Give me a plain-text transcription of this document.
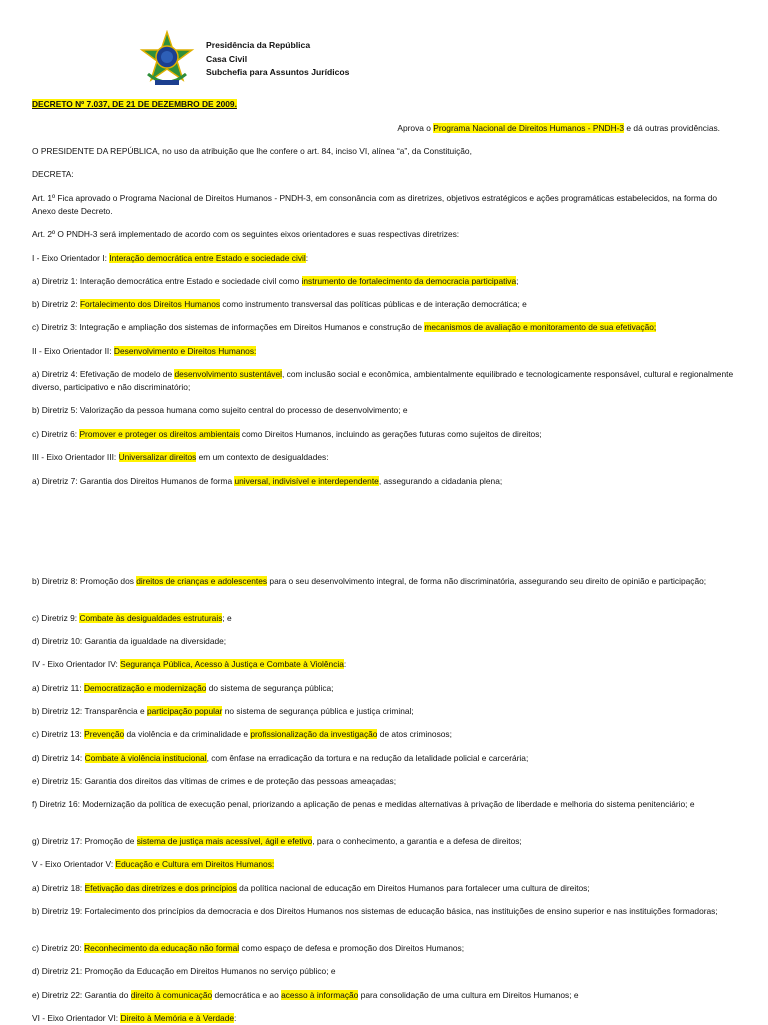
Presidência da República
Casa Civil
Subchefia para Assuntos Jurídicos
DECRETO Nº 7.037, DE 21 DE DEZEMBRO DE 2009.
Aprova o Programa Nacional de Direitos Humanos - PNDH-3 e dá outras providências.
O PRESIDENTE DA REPÚBLICA, no uso da atribuição que lhe confere o art. 84, inciso VI, alínea “a”, da Constituição,
DECRETA:
Art. 1º Fica aprovado o Programa Nacional de Direitos Humanos - PNDH-3, em consonância com as diretrizes, objetivos estratégicos e ações programáticas estabelecidos, na forma do Anexo deste Decreto.
Art. 2º O PNDH-3 será implementado de acordo com os seguintes eixos orientadores e suas respectivas diretrizes:
I - Eixo Orientador I: Interação democrática entre Estado e sociedade civil:
a) Diretriz 1: Interação democrática entre Estado e sociedade civil como instrumento de fortalecimento da democracia participativa;
b) Diretriz 2: Fortalecimento dos Direitos Humanos como instrumento transversal das políticas públicas e de interação democrática; e
c) Diretriz 3: Integração e ampliação dos sistemas de informações em Direitos Humanos e construção de mecanismos de avaliação e monitoramento de sua efetivação;
II - Eixo Orientador II: Desenvolvimento e Direitos Humanos:
a) Diretriz 4: Efetivação de modelo de desenvolvimento sustentável, com inclusão social e econômica, ambientalmente equilibrado e tecnologicamente responsável, cultural e regionalmente diverso, participativo e não discriminatório;
b) Diretriz 5: Valorização da pessoa humana como sujeito central do processo de desenvolvimento; e
c) Diretriz 6: Promover e proteger os direitos ambientais como Direitos Humanos, incluindo as gerações futuras como sujeitos de direitos;
III - Eixo Orientador III: Universalizar direitos em um contexto de desigualdades:
a) Diretriz 7: Garantia dos Direitos Humanos de forma universal, indivisível e interdependente, assegurando a cidadania plena;
b) Diretriz 8: Promoção dos direitos de crianças e adolescentes para o seu desenvolvimento integral, de forma não discriminatória, assegurando seu direito de opinião e participação;
c) Diretriz 9: Combate às desigualdades estruturais; e
d) Diretriz 10: Garantia da igualdade na diversidade;
IV - Eixo Orientador IV: Segurança Pública, Acesso à Justiça e Combate à Violência:
a) Diretriz 11: Democratização e modernização do sistema de segurança pública;
b) Diretriz 12: Transparência e participação popular no sistema de segurança pública e justiça criminal;
c) Diretriz 13: Prevenção da violência e da criminalidade e profissionalização da investigação de atos criminosos;
d) Diretriz 14: Combate à violência institucional, com ênfase na erradicação da tortura e na redução da letalidade policial e carcerária;
e) Diretriz 15: Garantia dos direitos das vítimas de crimes e de proteção das pessoas ameaçadas;
f) Diretriz 16: Modernização da política de execução penal, priorizando a aplicação de penas e medidas alternativas à privação de liberdade e melhoria do sistema penitenciário; e
g) Diretriz 17: Promoção de sistema de justiça mais acessível, ágil e efetivo, para o conhecimento, a garantia e a defesa de direitos;
V - Eixo Orientador V: Educação e Cultura em Direitos Humanos:
a) Diretriz 18: Efetivação das diretrizes e dos princípios da política nacional de educação em Direitos Humanos para fortalecer uma cultura de direitos;
b) Diretriz 19: Fortalecimento dos princípios da democracia e dos Direitos Humanos nos sistemas de educação básica, nas instituições de ensino superior e nas instituições formadoras;
c) Diretriz 20: Reconhecimento da educação não formal como espaço de defesa e promoção dos Direitos Humanos;
d) Diretriz 21: Promoção da Educação em Direitos Humanos no serviço público; e
e) Diretriz 22: Garantia do direito à comunicação democrática e ao acesso à informação para consolidação de uma cultura em Direitos Humanos; e
VI - Eixo Orientador VI: Direito à Memória e à Verdade:
